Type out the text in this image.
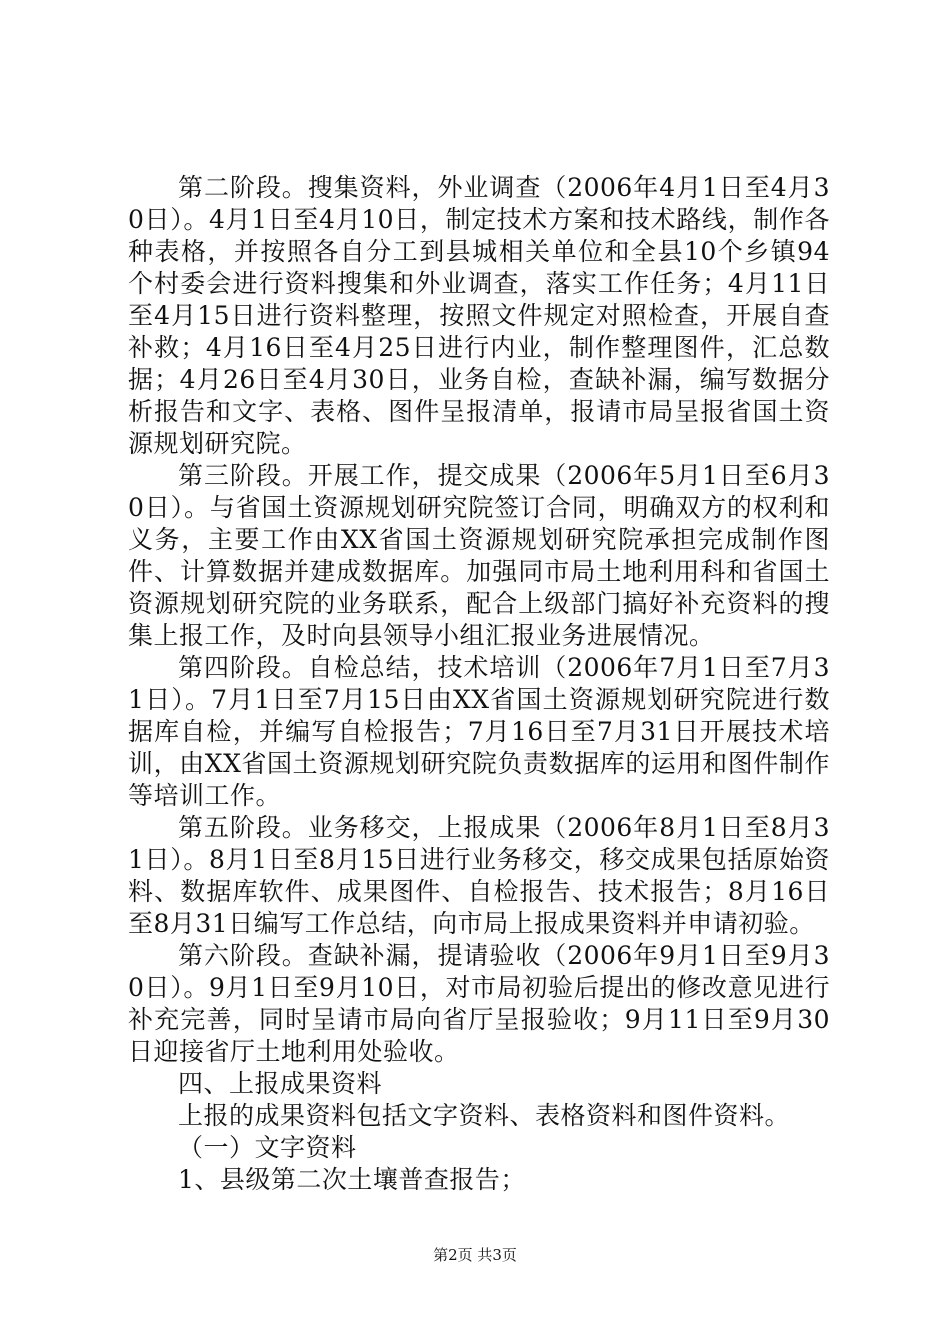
第二阶段。搜集资料，外业调查（2006年4月1日至4月30日）。4月1日至4月10日，制定技术方案和技术路线，制作各种表格，并按照各自分工到县城相关单位和全县10个乡镇94个村委会进行资料搜集和外业调查，落实工作任务；4月11日至4月15日进行资料整理，按照文件规定对照检查，开展自查补救；4月16日至4月25日进行内业，制作整理图件，汇总数据；4月26日至4月30日，业务自检，查缺补漏，编写数据分析报告和文字、表格、图件呈报清单，报请市局呈报省国土资源规划研究院。

第三阶段。开展工作，提交成果（2006年5月1日至6月30日）。与省国土资源规划研究院签订合同，明确双方的权利和义务，主要工作由XX省国土资源规划研究院承担完成制作图件、计算数据并建成数据库。加强同市局土地利用科和省国土资源规划研究院的业务联系，配合上级部门搞好补充资料的搜集上报工作，及时向县领导小组汇报业务进展情况。

第四阶段。自检总结，技术培训（2006年7月1日至7月31日）。7月1日至7月15日由XX省国土资源规划研究院进行数据库自检，并编写自检报告；7月16日至7月31日开展技术培训，由XX省国土资源规划研究院负责数据库的运用和图件制作等培训工作。

第五阶段。业务移交，上报成果（2006年8月1日至8月31日）。8月1日至8月15日进行业务移交，移交成果包括原始资料、数据库软件、成果图件、自检报告、技术报告；8月16日至8月31日编写工作总结，向市局上报成果资料并申请初验。

第六阶段。查缺补漏，提请验收（2006年9月1日至9月30日）。9月1日至9月10日，对市局初验后提出的修改意见进行补充完善，同时呈请市局向省厅呈报验收；9月11日至9月30日迎接省厅土地利用处验收。

四、上报成果资料

上报的成果资料包括文字资料、表格资料和图件资料。

（一）文字资料

1、县级第二次土壤普查报告；

第2页 共3页
